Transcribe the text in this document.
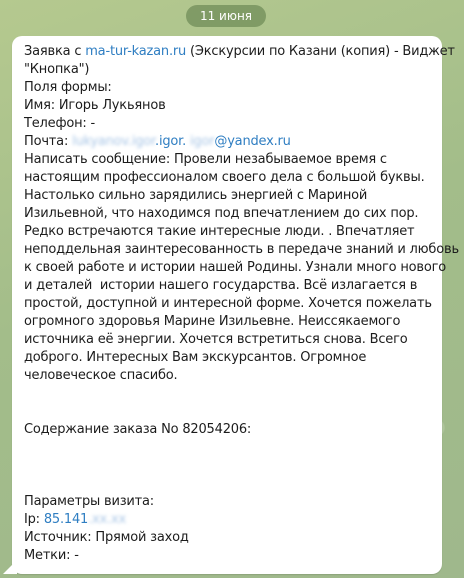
11 июня
Заявка с ma-tur-kazan.ru (Экскурсии по Казани (копия) - Виджет
"Кнопка")
Поля формы:
Имя: Игорь Лукьянов
Телефон: -
Почта: lukyanov.igor.igor. igor@yandex.ru
Написать сообщение: Провели незабываемое время с
настоящим профессионалом своего дела с большой буквы.
Настолько сильно зарядились энергией с Мариной
Изильевной, что находимся под впечатлением до сих пор.
Редко встречаются такие интересные люди. . Впечатляет
неподдельная заинтересованность в передаче знаний и любовь
к своей работе и истории нашей Родины. Узнали много нового
и деталей  истории нашего государства. Всё излагается в
простой, доступной и интересной форме. Хочется пожелать
огромного здоровья Марине Изильевне. Неиссякаемого
источника её энергии. Хочется встретиться снова. Всего
доброго. Интересных Вам экскурсантов. Огромное
человеческое спасибо.
Содержание заказа No 82054206:
Параметры визита:
Ip: 85.141.xx.xx
Источник: Прямой заход
Метки: -
